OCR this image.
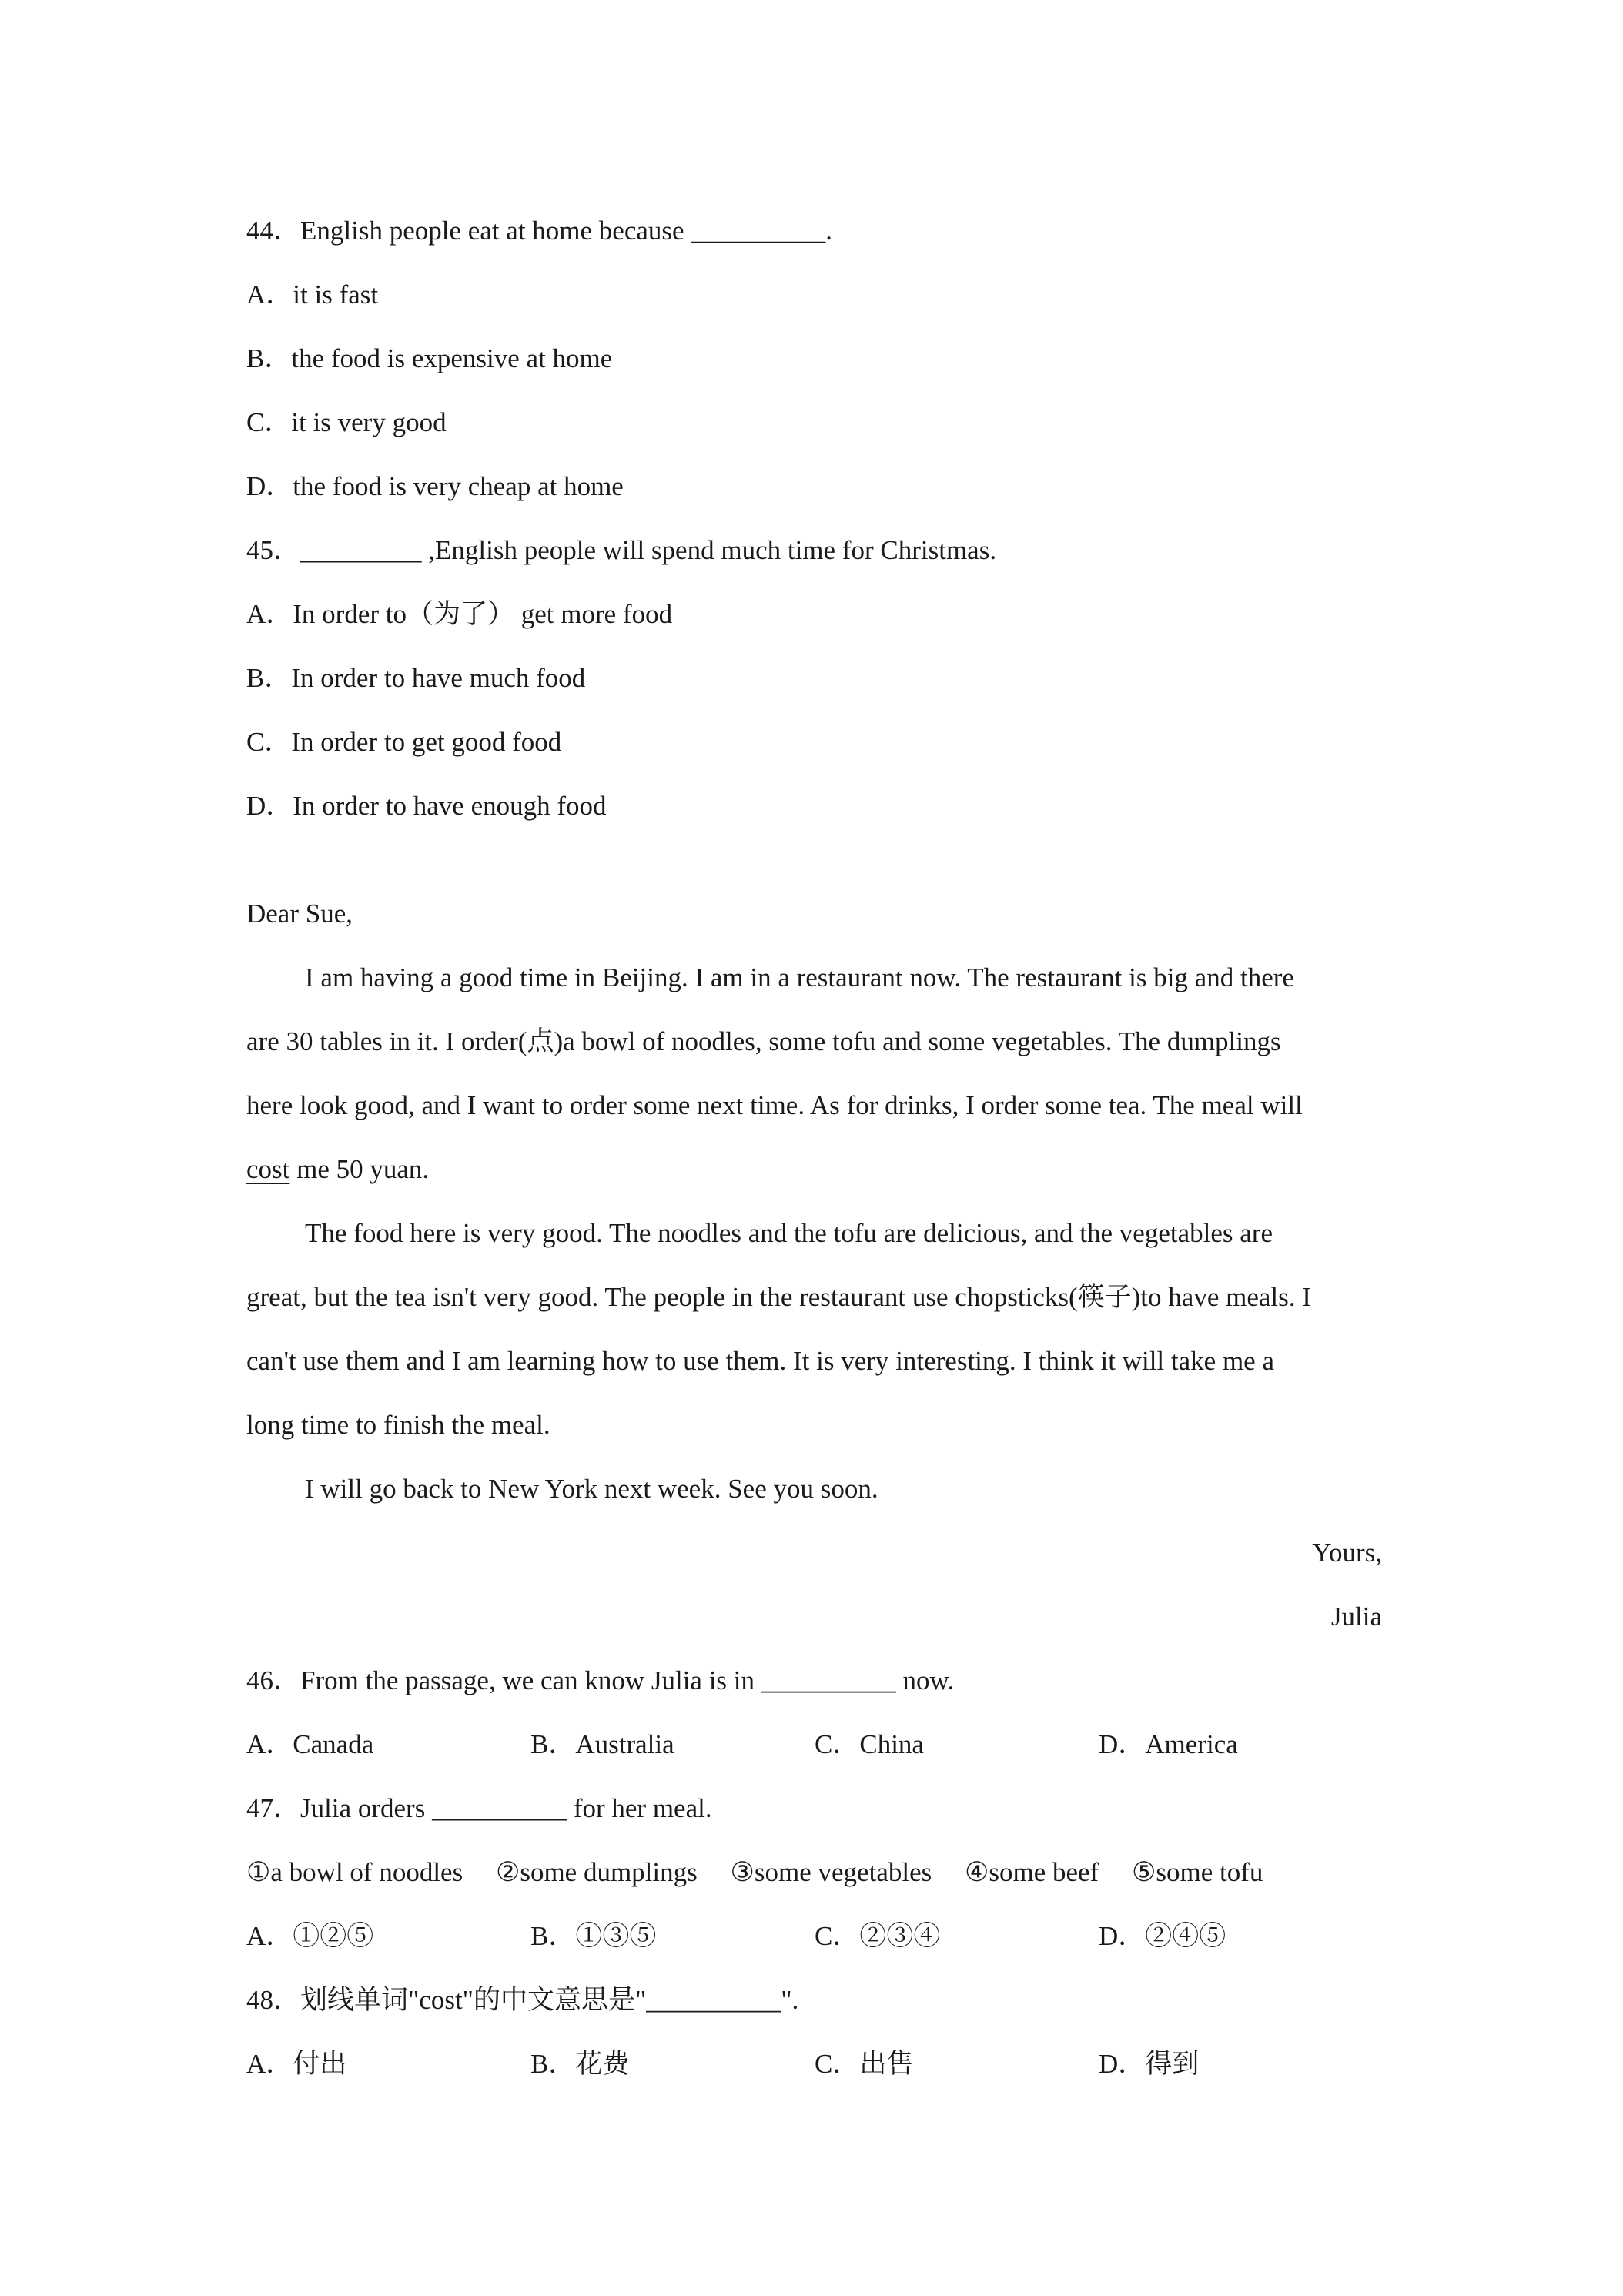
44．English people eat at home because __________.
A．it is fast
B．the food is expensive at home
C．it is very good
D．the food is very cheap at home
45．_________ ,English people will spend much time for Christmas.
A．In order to（为了） get more food
B．In order to have much food
C．In order to get good food
D．In order to have enough food
Dear Sue,
I am having a good time in Beijing. I am in a restaurant now. The restaurant is big and there
are 30 tables in it. I order(点)a bowl of noodles, some tofu and some vegetables. The dumplings
here look good, and I want to order some next time. As for drinks, I order some tea. The meal will
cost me 50 yuan.
The food here is very good. The noodles and the tofu are delicious, and the vegetables are
great, but the tea isn't very good. The people in the restaurant use chopsticks(筷子)to have meals. I
can't use them and I am learning how to use them. It is very interesting. I think it will take me a
long time to finish the meal.
I will go back to New York next week. See you soon.
Yours,
Julia
46．From the passage, we can know Julia is in __________ now.
A．Canada	B．Australia	C．China	D．America
47．Julia orders __________ for her meal.
①a bowl of noodles ②some dumplings ③some vegetables ④some beef ⑤some tofu
A．①②⑤	B．①③⑤	C．②③④	D．②④⑤
48．划线单词"cost"的中文意思是"__________".
A．付出	B．花费	C．出售	D．得到
